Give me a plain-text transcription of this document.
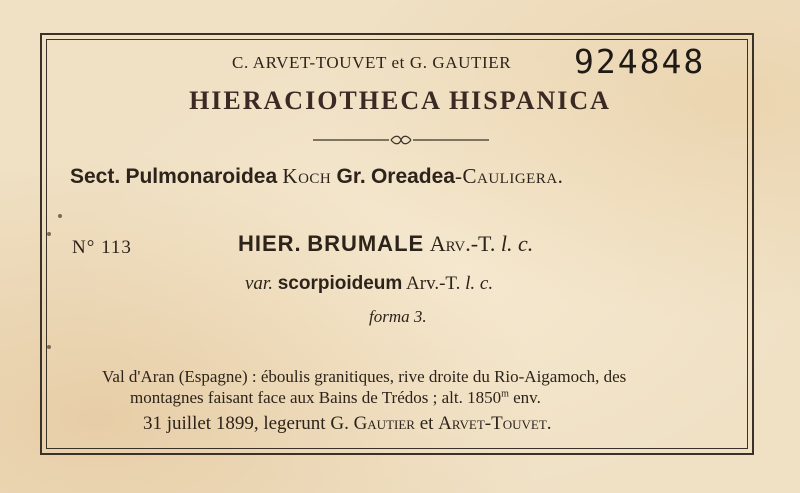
C. ARVET-TOUVET et G. GAUTIER 924848
HIERACIOTHECA HISPANICA
Sect. Pulmonaroidea Koch Gr. Oreadea-Cauligera.
N° 113	HIER. BRUMALE Arv.-T. l. c.
var. scorpioideum Arv.-T. l. c.
forma 3.
Val d'Aran (Espagne) : éboulis granitiques, rive droite du Rio-Aigamoch, des
montagnes faisant face aux Bains de Trédos ; alt. 1850$^m$ env.
31 juillet 1899, legerunt G. Gautier et Arvet-Touvet.
